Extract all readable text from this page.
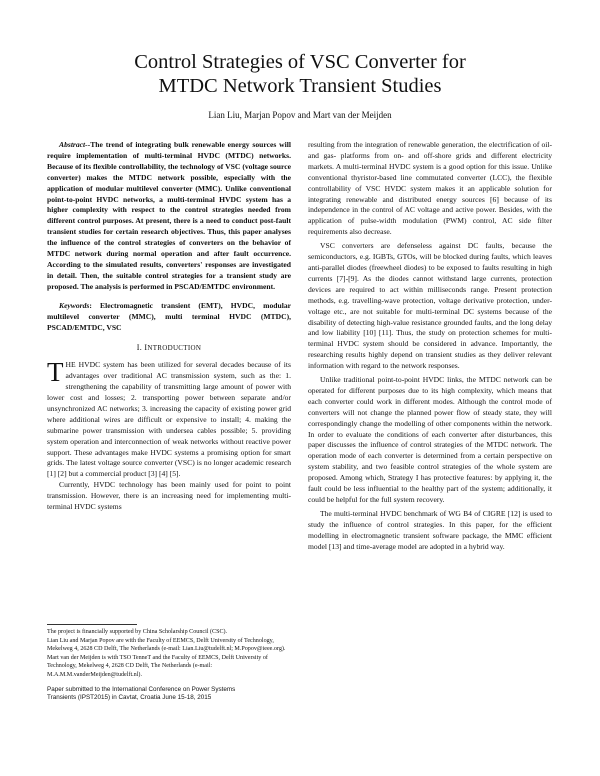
Control Strategies of VSC Converter for
MTDC Network Transient Studies
Lian Liu, Marjan Popov and Mart van der Meijden

Abstract--The trend of integrating bulk renewable energy sources will require implementation of multi-terminal HVDC (MTDC) networks. Because of its flexible controllability, the technology of VSC (voltage source converter) makes the MTDC network possible, especially with the application of modular multilevel converter (MMC). Unlike conventional point-to-point HVDC networks, a multi-terminal HVDC system has a higher complexity with respect to the control strategies needed from different control purposes. At present, there is a need to conduct post-fault transient studies for certain research objectives. Thus, this paper analyses the influence of the control strategies of converters on the behavior of MTDC network during normal operation and after fault occurrence. According to the simulated results, converters' responses are investigated in detail. Then, the suitable control strategies for a transient study are proposed. The analysis is performed in PSCAD/EMTDC environment.

Keywords: Electromagnetic transient (EMT), HVDC, modular multilevel converter (MMC), multi terminal HVDC (MTDC), PSCAD/EMTDC, VSC

I. INTRODUCTION

THE HVDC system has been utilized for several decades because of its advantages over traditional AC transmission system, such as the: 1. strengthening the capability of transmitting large amount of power with lower cost and losses; 2. transporting power between separate and/or unsynchronized AC networks; 3. increasing the capacity of existing power grid where additional wires are difficult or expensive to install; 4. making the submarine power transmission with undersea cables possible; 5. providing system operation and interconnection of weak networks without reactive power support. These advantages make HVDC systems a promising option for smart grids. The latest voltage source converter (VSC) is no longer academic research [1] [2] but a commercial product [3] [4] [5].

Currently, HVDC technology has been mainly used for point to point transmission. However, there is an increasing need for implementing multi-terminal HVDC systems

resulting from the integration of renewable generation, the electrification of oil- and gas- platforms from on- and off-shore grids and different electricity markets. A multi-terminal HVDC system is a good option for this issue. Unlike conventional thyristor-based line commutated converter (LCC), the flexible controllability of VSC HVDC system makes it an applicable solution for integrating renewable and distributed energy sources [6] because of its independence in the control of AC voltage and active power. Besides, with the application of pulse-width modulation (PWM) control, AC side filter requirements also decrease.

VSC converters are defenseless against DC faults, because the semiconductors, e.g. IGBTs, GTOs, will be blocked during faults, which leaves anti-parallel diodes (freewheel diodes) to be exposed to faults resulting in high currents [7]-[9]. As the diodes cannot withstand large currents, protection devices are required to act within milliseconds range. Present protection methods, e.g. travelling-wave protection, voltage derivative protection, under-voltage etc., are not suitable for multi-terminal DC systems because of the disability of detecting high-value resistance grounded faults, and the long delay and low liability [10] [11]. Thus, the study on protection schemes for multi-terminal HVDC system should be considered in advance. Importantly, the researching results highly depend on transient studies as they deliver relevant information with regard to the network responses.

Unlike traditional point-to-point HVDC links, the MTDC network can be operated for different purposes due to its high complexity, which means that each converter could work in different modes. Although the control mode of converters will not change the planned power flow of steady state, they will correspondingly change the modelling of other components within the network. In order to evaluate the conditions of each converter after disturbances, this paper discusses the influence of control strategies of the MTDC network. The operation mode of each converter is determined from a certain perspective on system stability, and two feasible control strategies of the whole system are proposed. Among which, Strategy I has protective features: by applying it, the fault could be less influential to the healthy part of the system; additionally, it could be helpful for the full system recovery.

The multi-terminal HVDC benchmark of WG B4 of CIGRE [12] is used to study the influence of control strategies. In this paper, for the efficient modelling in electromagnetic transient software package, the MMC efficient model [13] and time-average model are adopted in a hybrid way.

The project is financially supported by China Scholarship Council (CSC).

Lian Liu and Marjan Popov are with the Faculty of EEMCS, Delft University of Technology, Mekelweg 4, 2628 CD Delft, The Netherlands (e-mail: Lian.Liu@tudelft.nl; M.Popov@ieee.org).

Mart van der Meijden is with TSO TenneT and the Faculty of EEMCS, Delft University of Technology, Mekelweg 4, 2628 CD Delft, The Netherlands (e-mail: M.A.M.M.vanderMeijden@tudelft.nl).

Paper submitted to the International Conference on Power Systems
Transients (IPST2015) in Cavtat, Croatia June 15-18, 2015
